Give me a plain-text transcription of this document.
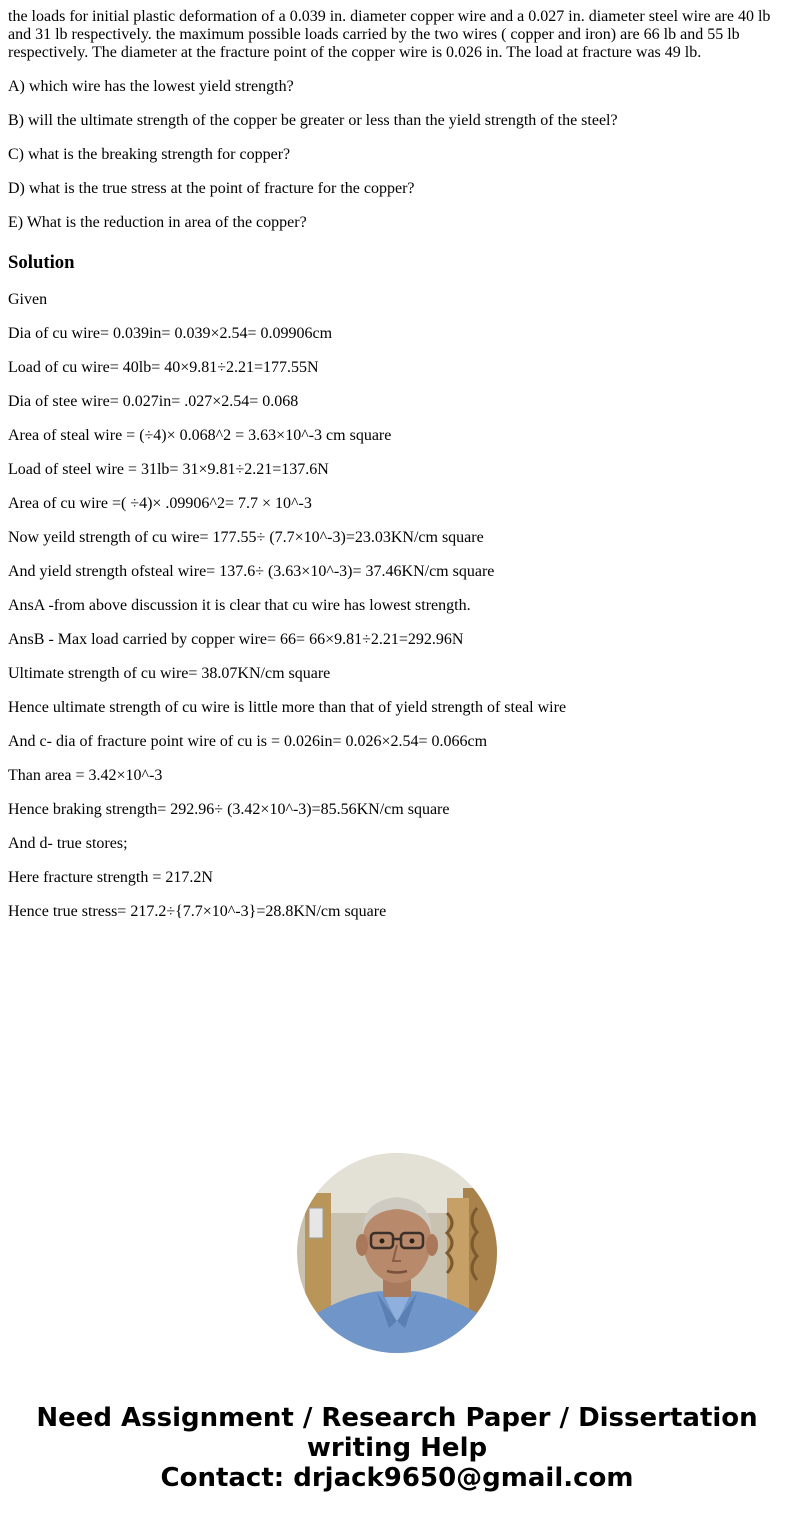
the loads for initial plastic deformation of a 0.039 in. diameter copper wire and a 0.027 in. diameter steel wire are 40 lb and 31 lb respectively. the maximum possible loads carried by the two wires ( copper and iron) are 66 lb and 55 lb respectively. The diameter at the fracture point of the copper wire is 0.026 in. The load at fracture was 49 lb.

A) which wire has the lowest yield strength?

B) will the ultimate strength of the copper be greater or less than the yield strength of the steel?

C) what is the breaking strength for copper?

D) what is the true stress at the point of fracture for the copper?

E) What is the reduction in area of the copper?

Solution

Given

Dia of cu wire= 0.039in= 0.039×2.54= 0.09906cm

Load of cu wire= 40lb= 40×9.81÷2.21=177.55N

Dia of stee wire= 0.027in= .027×2.54= 0.068

Area of steal wire = (÷4)× 0.068^2 = 3.63×10^-3 cm square

Load of steel wire = 31lb= 31×9.81÷2.21=137.6N

Area of cu wire =( ÷4)× .09906^2= 7.7 × 10^-3

Now yeild strength of cu wire= 177.55÷ (7.7×10^-3)=23.03KN/cm square

And yield strength ofsteal wire= 137.6÷ (3.63×10^-3)= 37.46KN/cm square

AnsA -from above discussion it is clear that cu wire has lowest strength.

AnsB - Max load carried by copper wire= 66= 66×9.81÷2.21=292.96N

Ultimate strength of cu wire= 38.07KN/cm square

Hence ultimate strength of cu wire is little more than that of yield strength of steal wire

And c- dia of fracture point wire of cu is = 0.026in= 0.026×2.54= 0.066cm

Than area = 3.42×10^-3

Hence braking strength= 292.96÷ (3.42×10^-3)=85.56KN/cm square

And d- true stores;

Here fracture strength = 217.2N

Hence true stress= 217.2÷{7.7×10^-3}=28.8KN/cm square

Need Assignment / Research Paper / Dissertation
writing Help
Contact: drjack9650@gmail.com
